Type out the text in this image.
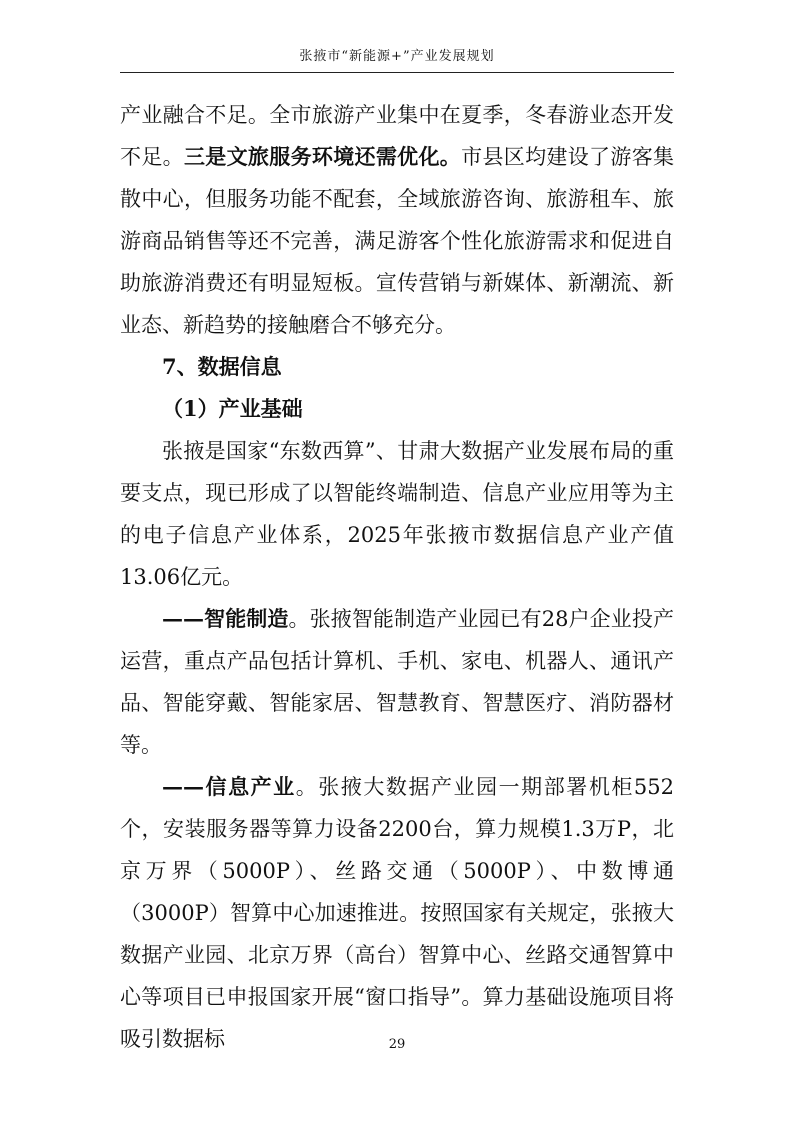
张掖市“新能源+”产业发展规划

产业融合不足。全市旅游产业集中在夏季，冬春游业态开发不足。三是文旅服务环境还需优化。市县区均建设了游客集散中心，但服务功能不配套，全域旅游咨询、旅游租车、旅游商品销售等还不完善，满足游客个性化旅游需求和促进自助旅游消费还有明显短板。宣传营销与新媒体、新潮流、新业态、新趋势的接触磨合不够充分。

7、数据信息

（1）产业基础

张掖是国家“东数西算”、甘肃大数据产业发展布局的重要支点，现已形成了以智能终端制造、信息产业应用等为主的电子信息产业体系，2025年张掖市数据信息产业产值13.06亿元。

——智能制造。张掖智能制造产业园已有28户企业投产运营，重点产品包括计算机、手机、家电、机器人、通讯产品、智能穿戴、智能家居、智慧教育、智慧医疗、消防器材等。

——信息产业。张掖大数据产业园一期部署机柜552个，安装服务器等算力设备2200台，算力规模1.3万P，北京万界（5000P）、丝路交通（5000P）、中数博通（3000P）智算中心加速推进。按照国家有关规定，张掖大数据产业园、北京万界（高台）智算中心、丝路交通智算中心等项目已申报国家开展“窗口指导”。算力基础设施项目将吸引数据标	29
